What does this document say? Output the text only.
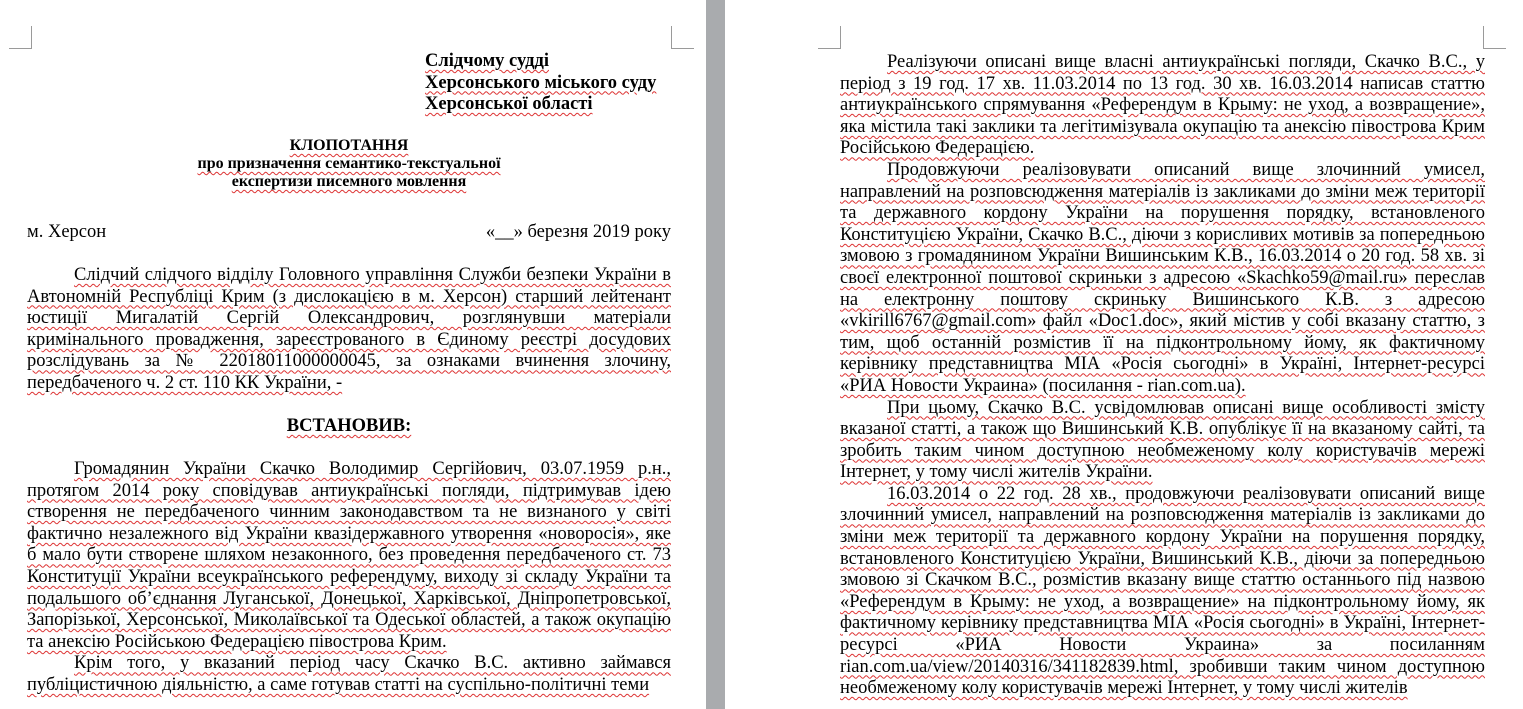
Слідчому судді
Херсонського міського суду
Херсонської області
КЛОПОТАННЯ
про призначення семантико-текстуальної
експертизи писемного мовлення
м. Херсон	«__» березня 2019 року

Слідчий слідчого відділу Головного управління Служби безпеки України в Автономній Республіці Крим (з дислокацією в м. Херсон) старший лейтенант юстиції Мигалатій Сергій Олександрович, розглянувши матеріали кримінального провадження, зареєстрованого в Єдиному реєстрі досудових розслідувань за № 22018011000000045, за ознаками вчинення злочину, передбаченого ч. 2 ст. 110 КК України, -

ВСТАНОВИВ:

Громадянин України Скачко Володимир Сергійович, 03.07.1959 р.н., протягом 2014 року сповідував антиукраїнські погляди, підтримував ідею створення не передбаченого чинним законодавством та не визнаного у світі фактично незалежного від України квазідержавного утворення «новоросія», яке б мало бути створене шляхом незаконного, без проведення передбаченого ст. 73 Конституції України всеукраїнського референдуму, виходу зі складу України та подальшого об’єднання Луганської, Донецької, Харківської, Дніпропетровської, Запорізької, Херсонської, Миколаївської та Одеської областей, а також окупацію та анексію Російською Федерацією півострова Крим.

Крім того, у вказаний період часу Скачко В.С. активно займався публіцистичною діяльністю, а саме готував статті на суспільно-політичні теми

Реалізуючи описані вище власні антиукраїнські погляди, Скачко В.С., у період з 19 год. 17 хв. 11.03.2014 по 13 год. 30 хв. 16.03.2014 написав статтю антиукраїнського спрямування «Референдум в Крыму: не уход, а возвращение», яка містила такі заклики та легітимізувала окупацію та анексію півострова Крим Російською Федерацією.

Продовжуючи реалізовувати описаний вище злочинний умисел, направлений на розповсюдження матеріалів із закликами до зміни меж території та державного кордону України на порушення порядку, встановленого Конституцією України, Скачко В.С., діючи з корисливих мотивів за попередньою змовою з громадянином України Вишинським К.В., 16.03.2014 о 20 год. 58 хв. зі своєї електронної поштової скриньки з адресою «Skachko59@mail.ru» переслав на електронну поштову скриньку Вишинського К.В. з адресою «vkirill6767@gmail.com» файл «Doc1.doc», який містив у собі вказану статтю, з тим, щоб останній розмістив її на підконтрольному йому, як фактичному керівнику представництва МІА «Росія сьогодні» в Україні, Інтернет-ресурсі «РИА Новости Украина» (посилання - rian.com.ua).

При цьому, Скачко В.С. усвідомлював описані вище особливості змісту вказаної статті, а також що Вишинський К.В. опублікує її на вказаному сайті, та зробить таким чином доступною необмеженому колу користувачів мережі Інтернет, у тому числі жителів України.

16.03.2014 о 22 год. 28 хв., продовжуючи реалізовувати описаний вище злочинний умисел, направлений на розповсюдження матеріалів із закликами до зміни меж території та державного кордону України на порушення порядку, встановленого Конституцією України, Вишинський К.В., діючи за попередньою змовою зі Скачком В.С., розмістив вказану вище статтю останнього під назвою «Референдум в Крыму: не уход, а возвращение» на підконтрольному йому, як фактичному керівнику представництва МІА «Росія сьогодні» в Україні, Інтернет-ресурсі «РИА Новости Украина» за посиланням rian.com.ua/view/20140316/341182839.html, зробивши таким чином доступною необмеженому колу користувачів мережі Інтернет, у тому числі жителів
